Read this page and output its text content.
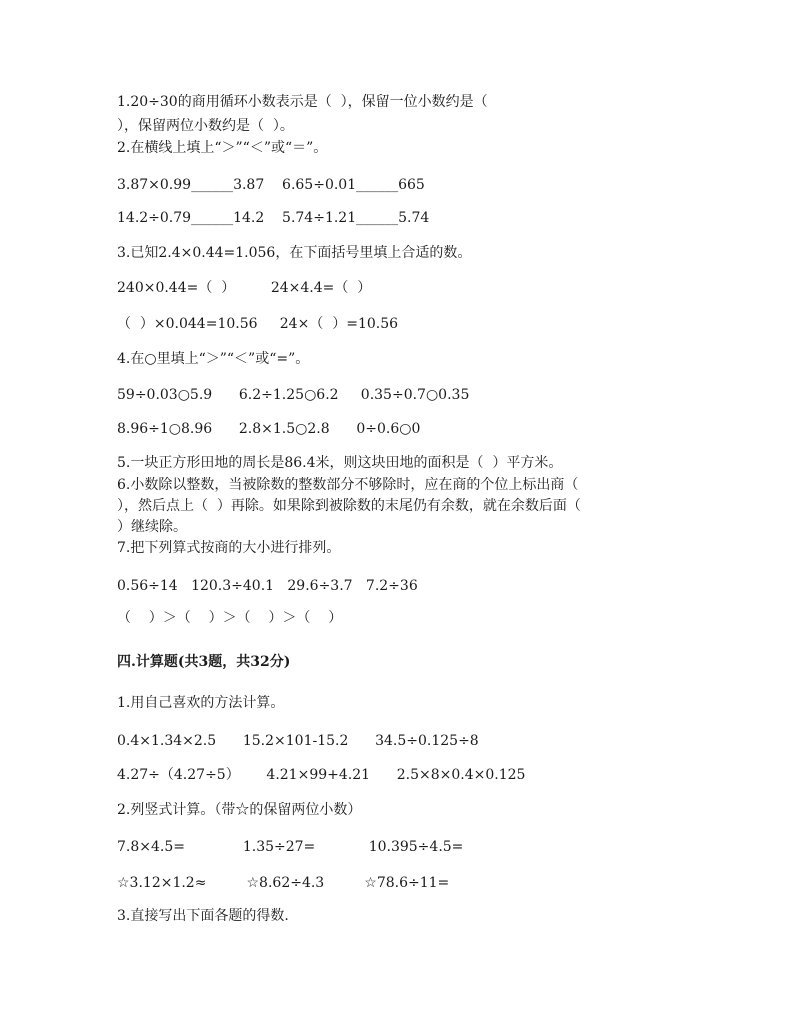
1.20÷30的商用循环小数表示是（  ），保留一位小数约是（
），保留两位小数约是（  ）。
2.在横线上填上“＞”“＜”或“＝”。
3.87×0.99______3.87    6.65÷0.01______665
14.2÷0.79______14.2    5.74÷1.21______5.74
3.已知2.4×0.44=1.056，在下面括号里填上合适的数。
240×0.44=（  ）        24×4.4=（  ）
（  ）×0.044=10.56     24×（  ）=10.56
4.在○里填上“＞”“＜”或“=”。
59÷0.03○5.9      6.2÷1.25○6.2     0.35÷0.7○0.35
8.96÷1○8.96      2.8×1.5○2.8      0÷0.6○0
5.一块正方形田地的周长是86.4米，则这块田地的面积是（  ）平方米。
6.小数除以整数，当被除数的整数部分不够除时，应在商的个位上标出商（
），然后点上（  ）再除。如果除到被除数的末尾仍有余数，就在余数后面（
）继续除。
7.把下列算式按商的大小进行排列。
0.56÷14   120.3÷40.1   29.6÷3.7   7.2÷36
（    ）＞（    ）＞（    ）＞（    ）
四.计算题(共3题，共32分)
1.用自己喜欢的方法计算。
0.4×1.34×2.5      15.2×101-15.2      34.5÷0.125÷8
4.27÷（4.27÷5）      4.21×99+4.21      2.5×8×0.4×0.125
2.列竖式计算。（带☆的保留两位小数）
7.8×4.5=             1.35÷27=            10.395÷4.5=
☆3.12×1.2≈         ☆8.62÷4.3         ☆78.6÷11=
3.直接写出下面各题的得数.
